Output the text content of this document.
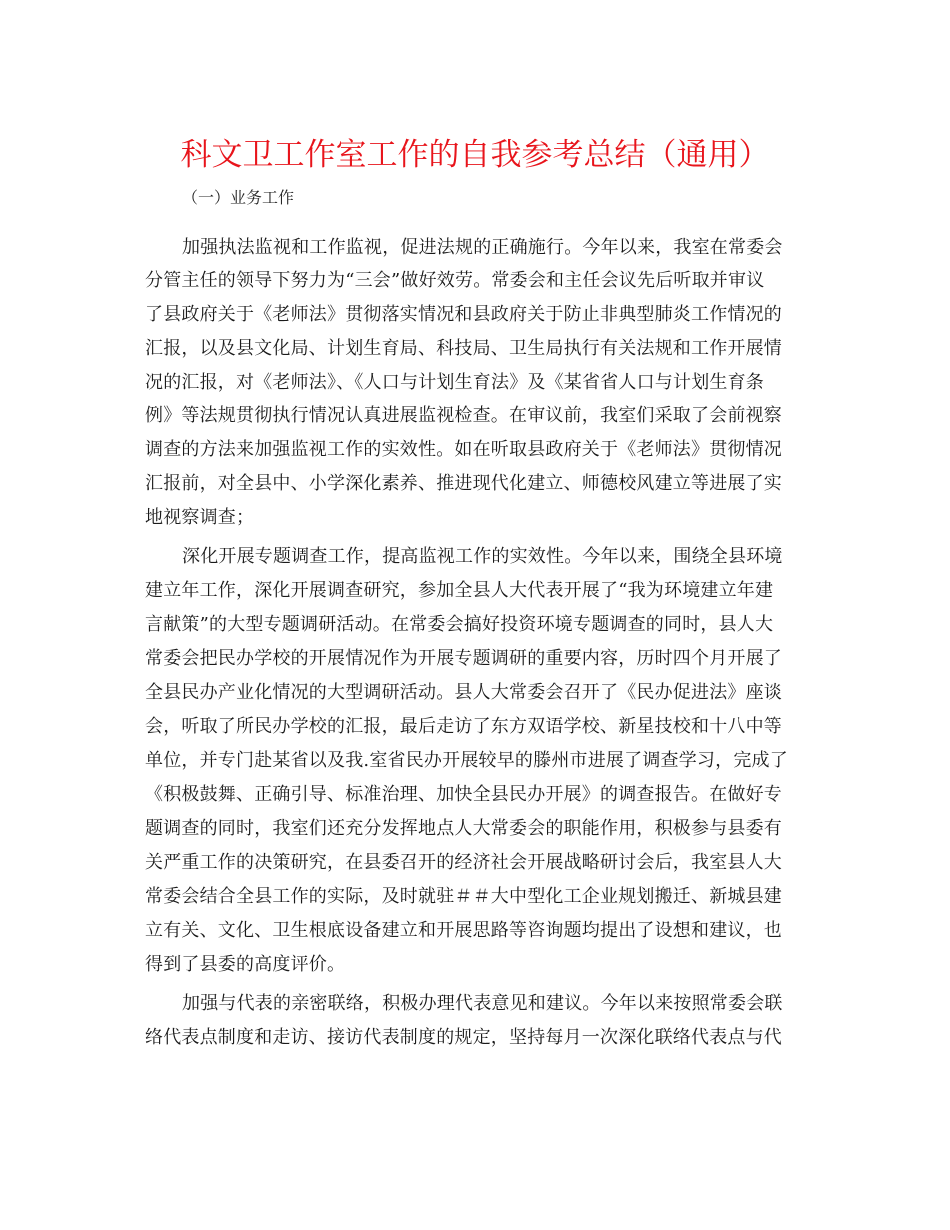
科文卫工作室工作的自我参考总结（通用）
（一）业务工作
加强执法监视和工作监视，促进法规的正确施行。今年以来，我室在常委会
分管主任的领导下努力为“三会”做好效劳。常委会和主任会议先后听取并审议
了县政府关于《老师法》贯彻落实情况和县政府关于防止非典型肺炎工作情况的
汇报，以及县文化局、计划生育局、科技局、卫生局执行有关法规和工作开展情
况的汇报，对《老师法》、《人口与计划生育法》及《某省省人口与计划生育条
例》等法规贯彻执行情况认真进展监视检查。在审议前，我室们采取了会前视察
调查的方法来加强监视工作的实效性。如在听取县政府关于《老师法》贯彻情况
汇报前，对全县中、小学深化素养、推进现代化建立、师德校风建立等进展了实
地视察调查；
深化开展专题调查工作，提高监视工作的实效性。今年以来，围绕全县环境
建立年工作，深化开展调查研究，参加全县人大代表开展了“我为环境建立年建
言献策”的大型专题调研活动。在常委会搞好投资环境专题调查的同时，县人大
常委会把民办学校的开展情况作为开展专题调研的重要内容，历时四个月开展了
全县民办产业化情况的大型调研活动。县人大常委会召开了《民办促进法》座谈
会，听取了所民办学校的汇报，最后走访了东方双语学校、新星技校和十八中等
单位，并专门赴某省以及我.室省民办开展较早的滕州市进展了调查学习，完成了
《积极鼓舞、正确引导、标准治理、加快全县民办开展》的调查报告。在做好专
题调查的同时，我室们还充分发挥地点人大常委会的职能作用，积极参与县委有
关严重工作的决策研究，在县委召开的经济社会开展战略研讨会后，我室县人大
常委会结合全县工作的实际，及时就驻＃＃大中型化工企业规划搬迁、新城县建
立有关、文化、卫生根底设备建立和开展思路等咨询题均提出了设想和建议，也
得到了县委的高度评价。
加强与代表的亲密联络，积极办理代表意见和建议。今年以来按照常委会联
络代表点制度和走访、接访代表制度的规定，坚持每月一次深化联络代表点与代
